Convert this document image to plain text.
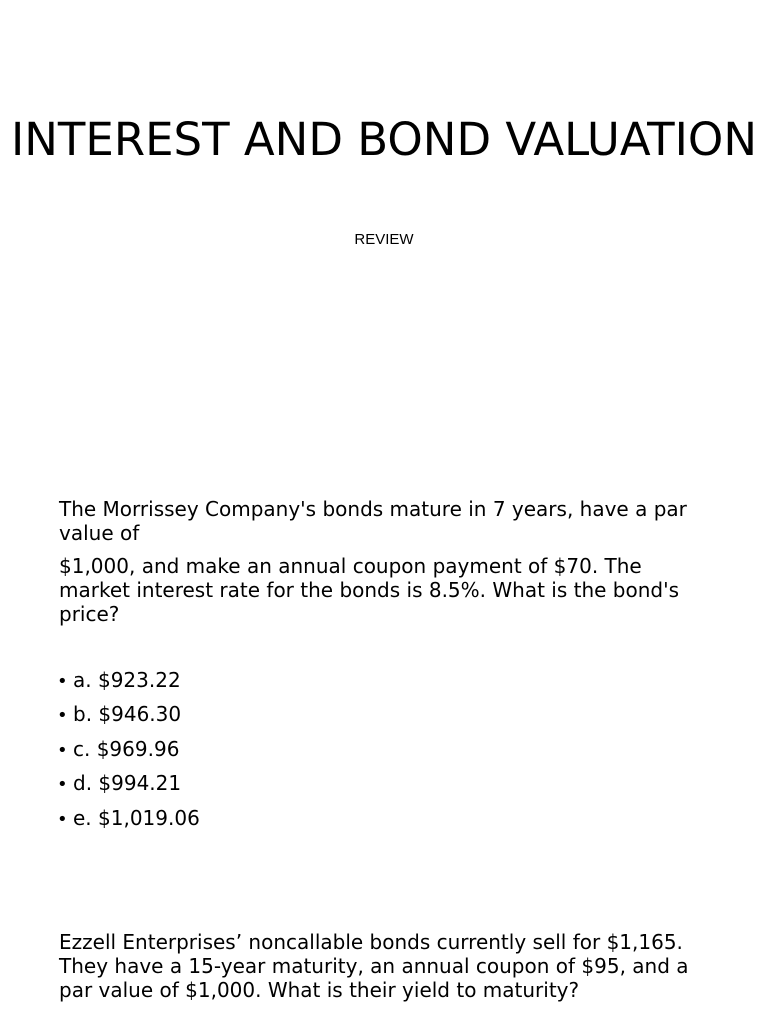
INTEREST AND BOND VALUATION
REVIEW

The Morrissey Company's bonds mature in 7 years, have a par value of

$1,000, and make an annual coupon payment of $70. The market interest rate for the bonds is 8.5%. What is the bond's price?

• a. $923.22
• b. $946.30
• c. $969.96
• d. $994.21
• e. $1,019.06

Ezzell Enterprises’ noncallable bonds currently sell for $1,165. They have a 15-year maturity, an annual coupon of $95, and a par value of $1,000. What is their yield to maturity?
